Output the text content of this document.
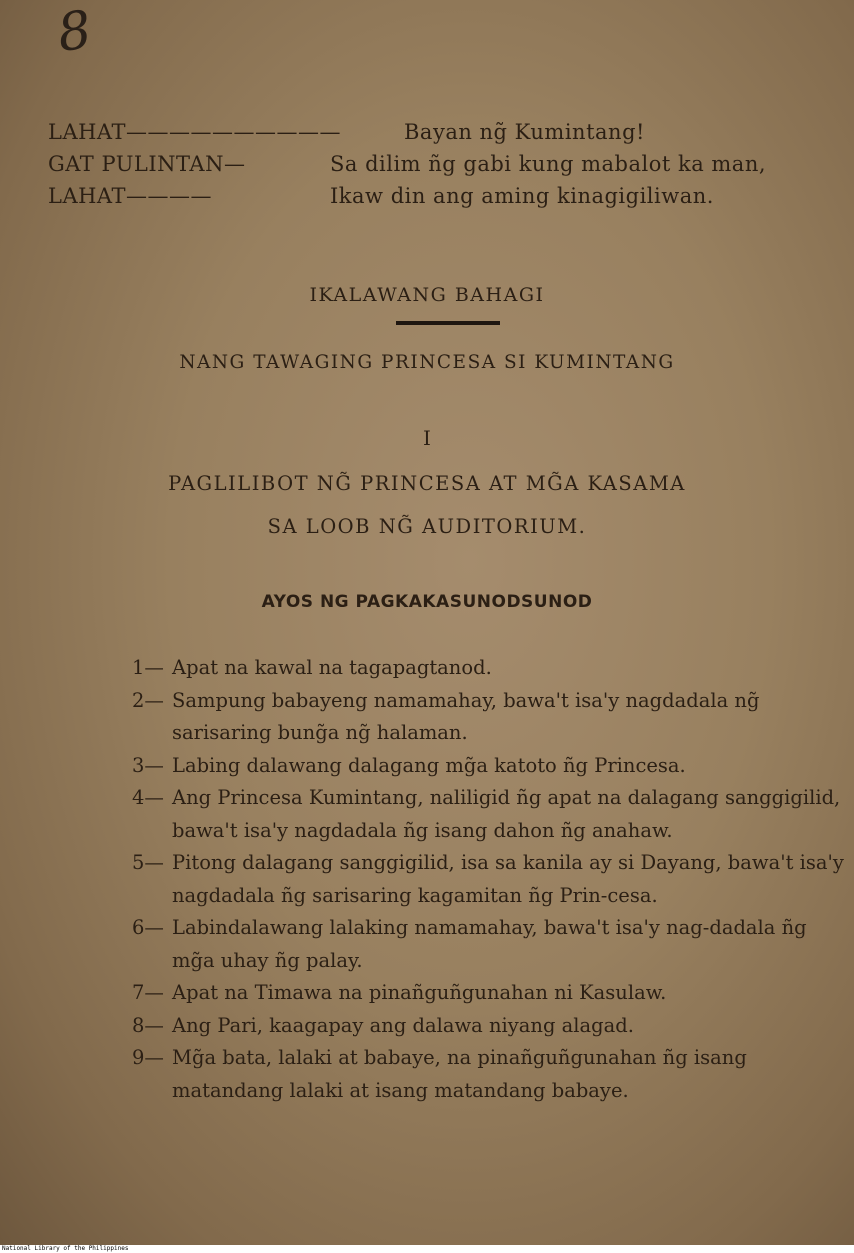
8
LAHAT——————————	Bayan ng̃ Kumintang!
GAT PULINTAN—	Sa dilim ñg gabi kung mabalot ka man,
LAHAT————	Ikaw din ang aming kinagigiliwan.
IKALAWANG BAHAGI
NANG TAWAGING PRINCESA SI KUMINTANG
I
PAGLILIBOT NG̃ PRINCESA AT MG̃A KASAMA
SA LOOB NG̃ AUDITORIUM.
AYOS NG PAGKAKASUNODSUNOD
1— Apat na kawal na tagapagtanod.
2— Sampung babayeng namamahay, bawa't isa'y nagdadala ng̃ sarisaring bung̃a ng̃ halaman.
3— Labing dalawang dalagang mg̃a katoto ñg Princesa.
4— Ang Princesa Kumintang, naliligid ñg apat na dalagang sanggigilid, bawa't isa'y nagdadala ñg isang dahon ñg anahaw.
5— Pitong dalagang sanggigilid, isa sa kanila ay si Dayang, bawa't isa'y nagdadala ñg sarisaring kagamitan ñg Prin-cesa.
6— Labindalawang lalaking namamahay, bawa't isa'y nag-dadala ñg mg̃a uhay ñg palay.
7— Apat na Timawa na pinañguñgunahan ni Kasulaw.
8— Ang Pari, kaagapay ang dalawa niyang alagad.
9— Mg̃a bata, lalaki at babaye, na pinañguñgunahan ñg isang matandang lalaki at isang matandang babaye.
National Library of the Philippines
